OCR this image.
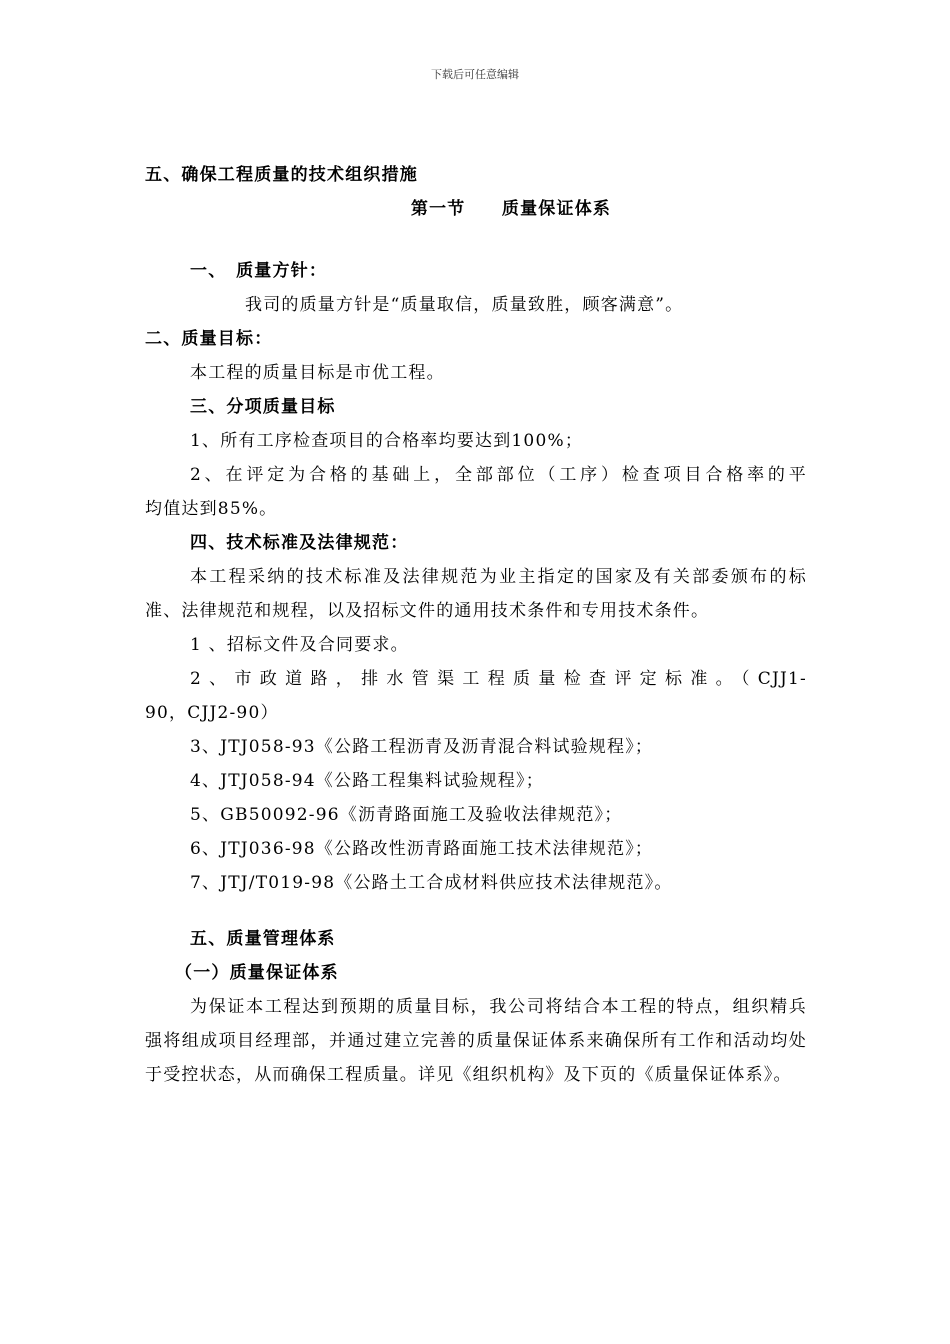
下载后可任意编辑
五、确保工程质量的技术组织措施
第一节　　质量保证体系
一、　质量方针：
我司的质量方针是“质量取信，质量致胜，顾客满意”。
二、质量目标：
本工程的质量目标是市优工程。
三、分项质量目标
1、所有工序检查项目的合格率均要达到100%；
2、在评定为合格的基础上，全部部位（工序）检查项目合格率的平
均值达到85%。
四、技术标准及法律规范：
本工程采纳的技术标准及法律规范为业主指定的国家及有关部委颁布的标准、法律规范和规程，以及招标文件的通用技术条件和专用技术条件。
1 、招标文件及合同要求。
2、市政道路，排水管渠工程质量检查评定标准。（CJJ1-
90，CJJ2-90）
3、JTJ058-93《公路工程沥青及沥青混合料试验规程》；
4、JTJ058-94《公路工程集料试验规程》；
5、GB50092-96《沥青路面施工及验收法律规范》；
6、JTJ036-98《公路改性沥青路面施工技术法律规范》；
7、JTJ/T019-98《公路土工合成材料供应技术法律规范》。
五、质量管理体系
（一）质量保证体系
为保证本工程达到预期的质量目标，我公司将结合本工程的特点，组织精兵强将组成项目经理部，并通过建立完善的质量保证体系来确保所有工作和活动均处于受控状态，从而确保工程质量。详见《组织机构》及下页的《质量保证体系》。
